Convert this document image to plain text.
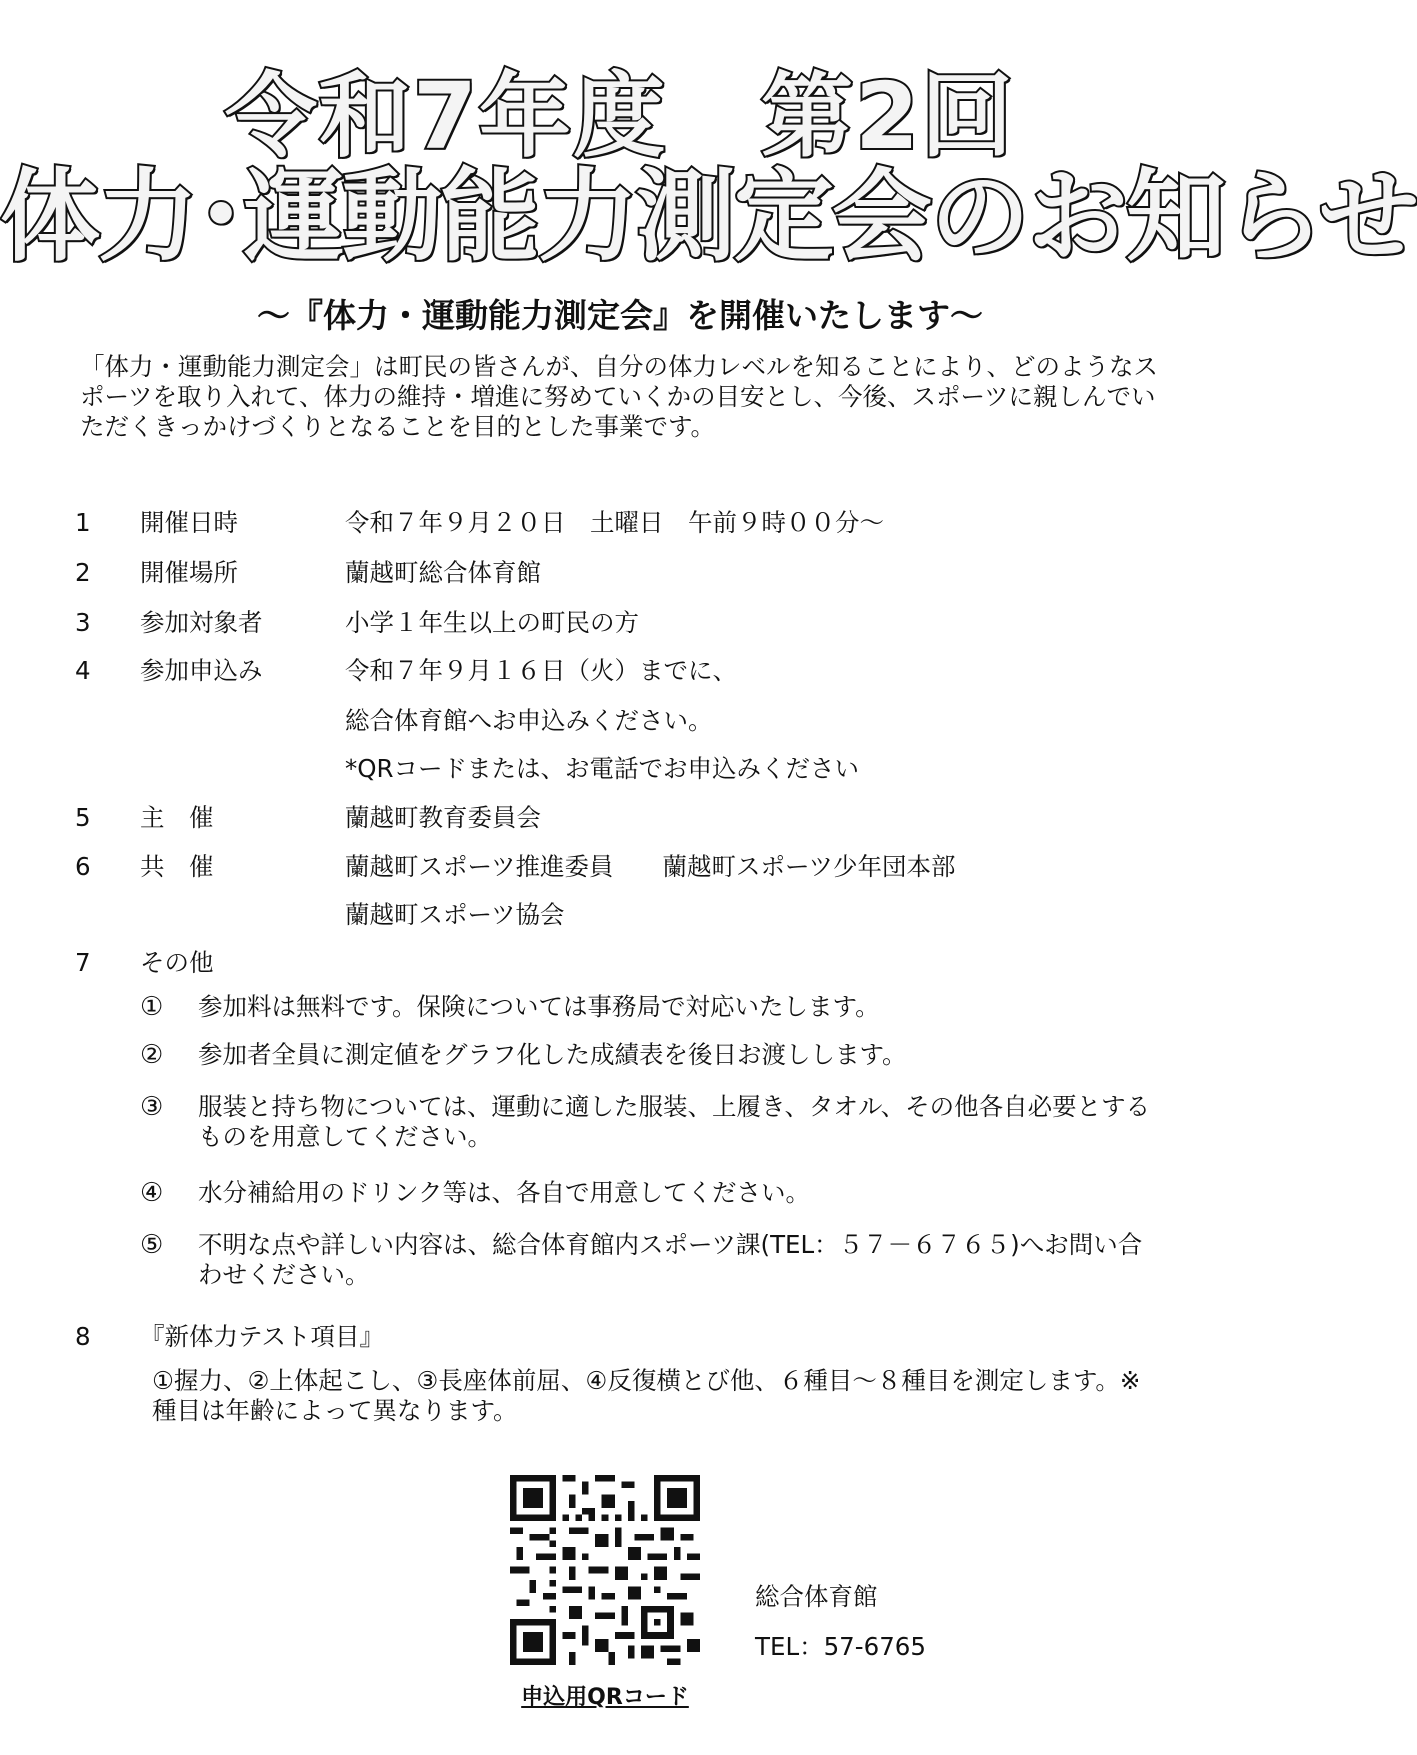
令和7年度　第2回
体力･運動能力測定会のお知らせ
～『体力・運動能力測定会』を開催いたします～

「体力・運動能力測定会」は町民の皆さんが、自分の体力レベルを知ることにより、どのようなスポーツを取り入れて、体力の維持・増進に努めていくかの目安とし、今後、スポーツに親しんでいただくきっかけづくりとなることを目的とした事業です。

1 開催日時	令和７年９月２０日　土曜日　午前９時００分～
2 開催場所	蘭越町総合体育館
3 参加対象者	小学１年生以上の町民の方
4 参加申込み	令和７年９月１６日（火）までに、
総合体育館へお申込みください。
*QRコードまたは、お電話でお申込みください
5 主　催	蘭越町教育委員会
6 共　催	蘭越町スポーツ推進委員　　蘭越町スポーツ少年団本部
蘭越町スポーツ協会
7 その他
① 参加料は無料です。保険については事務局で対応いたします。
② 参加者全員に測定値をグラフ化した成績表を後日お渡しします。
③ 服装と持ち物については、運動に適した服装、上履き、タオル、その他各自必要とするものを用意してください。
④ 水分補給用のドリンク等は、各自で用意してください。
⑤ 不明な点や詳しい内容は、総合体育館内スポーツ課(TEL：５７－６７６５)へお問い合わせください。
8 『新体力テスト項目』
①握力、②上体起こし、③長座体前屈、④反復横とび他、６種目～８種目を測定します。※種目は年齢によって異なります。
申込用QRコード
総合体育館
TEL：57-6765
